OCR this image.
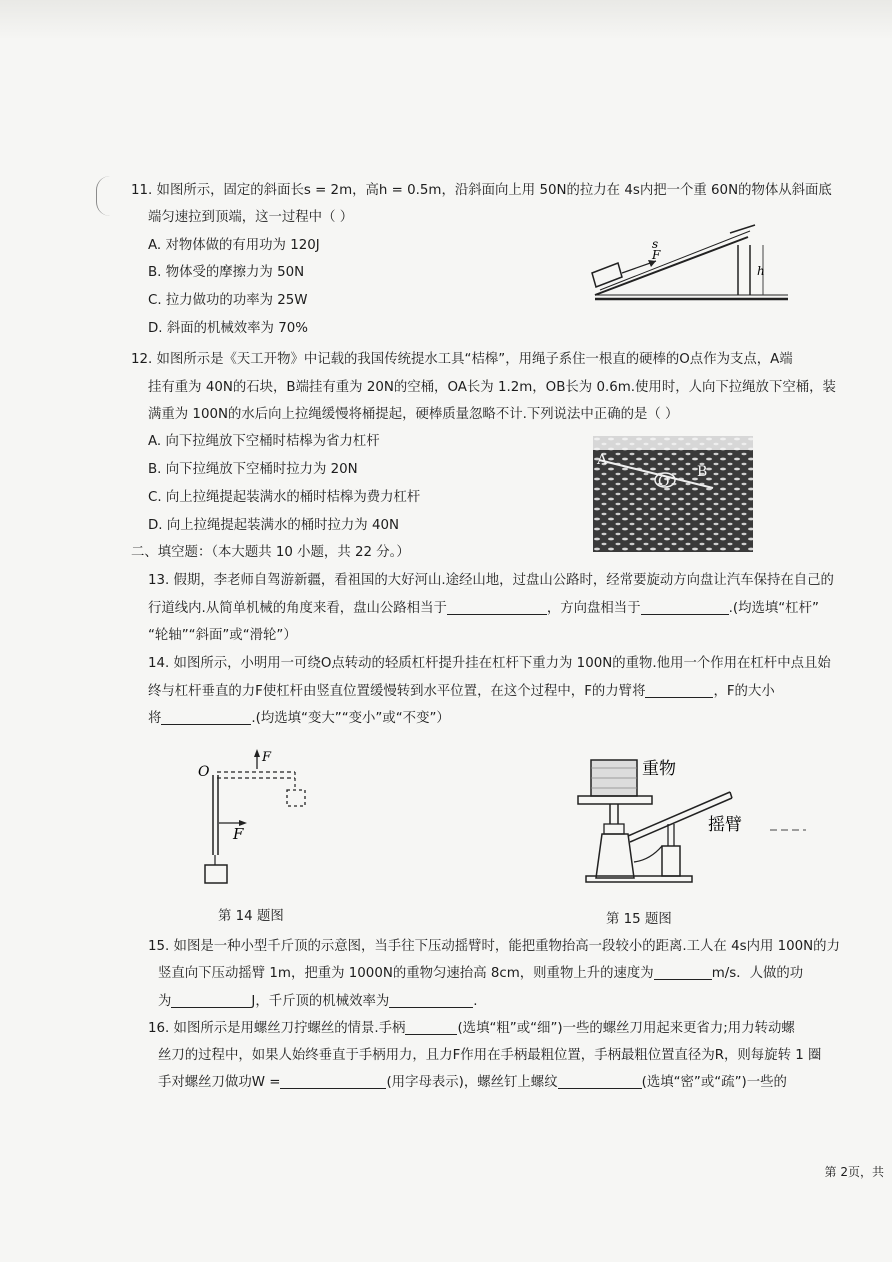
11. 如图所示，固定的斜面长s = 2m，高h = 0.5m，沿斜面向上用 50N的拉力在 4s内把一个重 60N的物体从斜面底
端匀速拉到顶端，这一过程中（ ）
A. 对物体做的有用功为 120J
B. 物体受的摩擦力为 50N
C. 拉力做功的功率为 25W
D. 斜面的机械效率为 70%
F
s
h
12. 如图所示是《天工开物》中记载的我国传统提水工具“桔槔”，用绳子系住一根直的硬棒的O点作为支点，A端
挂有重为 40N的石块，B端挂有重为 20N的空桶，OA长为 1.2m，OB长为 0.6m.使用时，人向下拉绳放下空桶，装
满重为 100N的水后向上拉绳缓慢将桶提起，硬棒质量忽略不计.下列说法中正确的是（ ）
A. 向下拉绳放下空桶时桔槔为省力杠杆
B. 向下拉绳放下空桶时拉力为 20N
C. 向上拉绳提起装满水的桶时桔槔为费力杠杆
D. 向上拉绳提起装满水的桶时拉力为 40N
A
O
B
二、填空题：（本大题共 10 小题，共 22 分。）
13. 假期，李老师自驾游新疆，看祖国的大好河山.途经山地，过盘山公路时，经常要旋动方向盘让汽车保持在自己的
行道线内.从简单机械的角度来看，盘山公路相当于	，方向盘相当于	.(均选填“杠杆”
“轮轴”“斜面”或“滑轮”）
14. 如图所示，小明用一可绕O点转动的轻质杠杆提升挂在杠杆下重力为 100N的重物.他用一个作用在杠杆中点且始
终与杠杆垂直的力F使杠杆由竖直位置缓慢转到水平位置，在这个过程中，F的力臂将	，F的大小
将	.(均选填“变大”“变小”或“不变”）
O
F
F
第 14 题图
重物
摇臂
第 15 题图
15. 如图是一种小型千斤顶的示意图，当手往下压动摇臂时，能把重物抬高一段较小的距离.工人在 4s内用 100N的力
竖直向下压动摇臂 1m，把重为 1000N的重物匀速抬高 8cm，则重物上升的速度为	m/s．人做的功
为	J，千斤顶的机械效率为	.
16. 如图所示是用螺丝刀拧螺丝的情景.手柄	(选填“粗”或“细”)一些的螺丝刀用起来更省力;用力转动螺
丝刀的过程中，如果人始终垂直于手柄用力，且力F作用在手柄最粗位置，手柄最粗位置直径为R，则每旋转 1 圈
手对螺丝刀做功W =	(用字母表示)，螺丝钉上螺纹	(选填“密”或“疏”)一些的
第 2页，共
